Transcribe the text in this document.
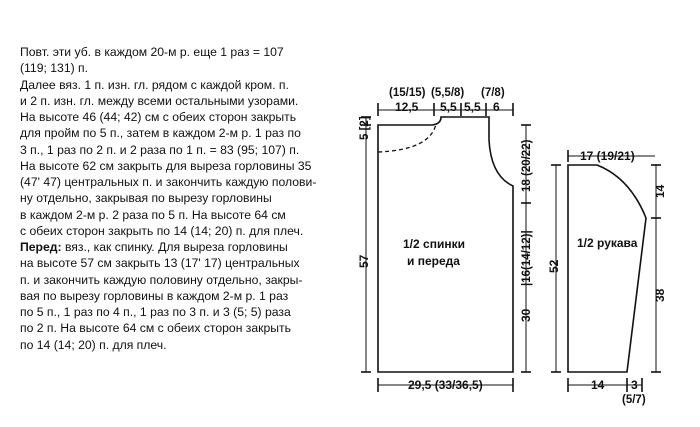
Повт. эти уб. в каждом 20-м р. еще 1 раз = 107
(119; 131) п.
Далее вяз. 1 п. изн. гл. рядом с каждой кром. п.
и 2 п. изн. гл. между всеми остальными узорами.
На высоте 46 (44; 42) см с обеих сторон закрыть
для пройм по 5 п., затем в каждом 2-м р. 1 раз по
3 п., 1 раз по 2 п. и 2 раза по 1 п. = 83 (95; 107) п.
На высоте 62 см закрыть для выреза горловины 35
(47' 47) центральных п. и закончить каждую полови-
ну отдельно, закрывая по вырезу горловины
в каждом 2-м р. 2 раза по 5 п. На высоте 64 см
с обеих сторон закрыть по 14 (14; 20) п. для плеч.
Перед: вяз., как спинку. Для выреза горловины
на высоте 57 см закрыть 13 (17' 17) центральных
п. и закончить каждую половину отдельно, закры-
вая по вырезу горловины в каждом 2-м р. 1 раз
по 5 п., 1 раз по 4 п., 1 раз по 3 п. и 3 (5; 5) раза
по 2 п. На высоте 64 см с обеих сторон закрыть
по 14 (14; 20) п. для плеч.
(15/15) (5,5/8) (7/8)
12,5 5,5 5,5 6
5 [2]
57
18 (20/22)
|16(14/12)|
30
29,5 (33/36,5)
1/2 спинки
и переда
17 (19/21)
52
14
38
14 3
(5/7)
1/2 рукава
